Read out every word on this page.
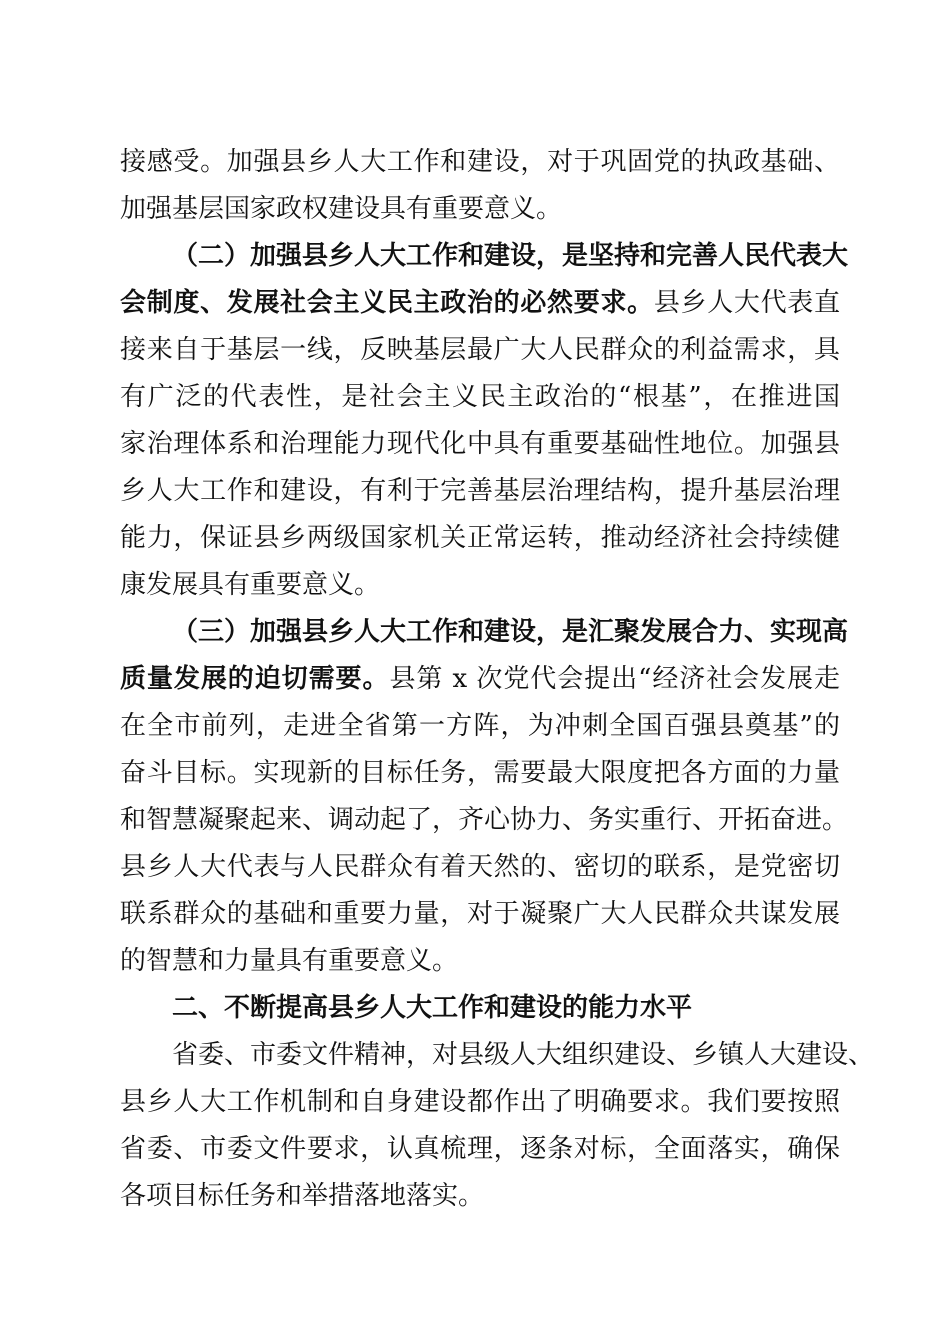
接感受。加强县乡人大工作和建设，对于巩固党的执政基础、
加强基层国家政权建设具有重要意义。
（二）加强县乡人大工作和建设，是坚持和完善人民代表大
会制度、发展社会主义民主政治的必然要求。县乡人大代表直
接来自于基层一线，反映基层最广大人民群众的利益需求，具
有广泛的代表性，是社会主义民主政治的“根基”，在推进国
家治理体系和治理能力现代化中具有重要基础性地位。加强县
乡人大工作和建设，有利于完善基层治理结构，提升基层治理
能力，保证县乡两级国家机关正常运转，推动经济社会持续健
康发展具有重要意义。
（三）加强县乡人大工作和建设，是汇聚发展合力、实现高
质量发展的迫切需要。县第 x 次党代会提出“经济社会发展走
在全市前列，走进全省第一方阵，为冲刺全国百强县奠基”的
奋斗目标。实现新的目标任务，需要最大限度把各方面的力量
和智慧凝聚起来、调动起了，齐心协力、务实重行、开拓奋进。
县乡人大代表与人民群众有着天然的、密切的联系，是党密切
联系群众的基础和重要力量，对于凝聚广大人民群众共谋发展
的智慧和力量具有重要意义。
二、不断提高县乡人大工作和建设的能力水平
省委、市委文件精神，对县级人大组织建设、乡镇人大建设、
县乡人大工作机制和自身建设都作出了明确要求。我们要按照
省委、市委文件要求，认真梳理，逐条对标，全面落实，确保
各项目标任务和举措落地落实。
